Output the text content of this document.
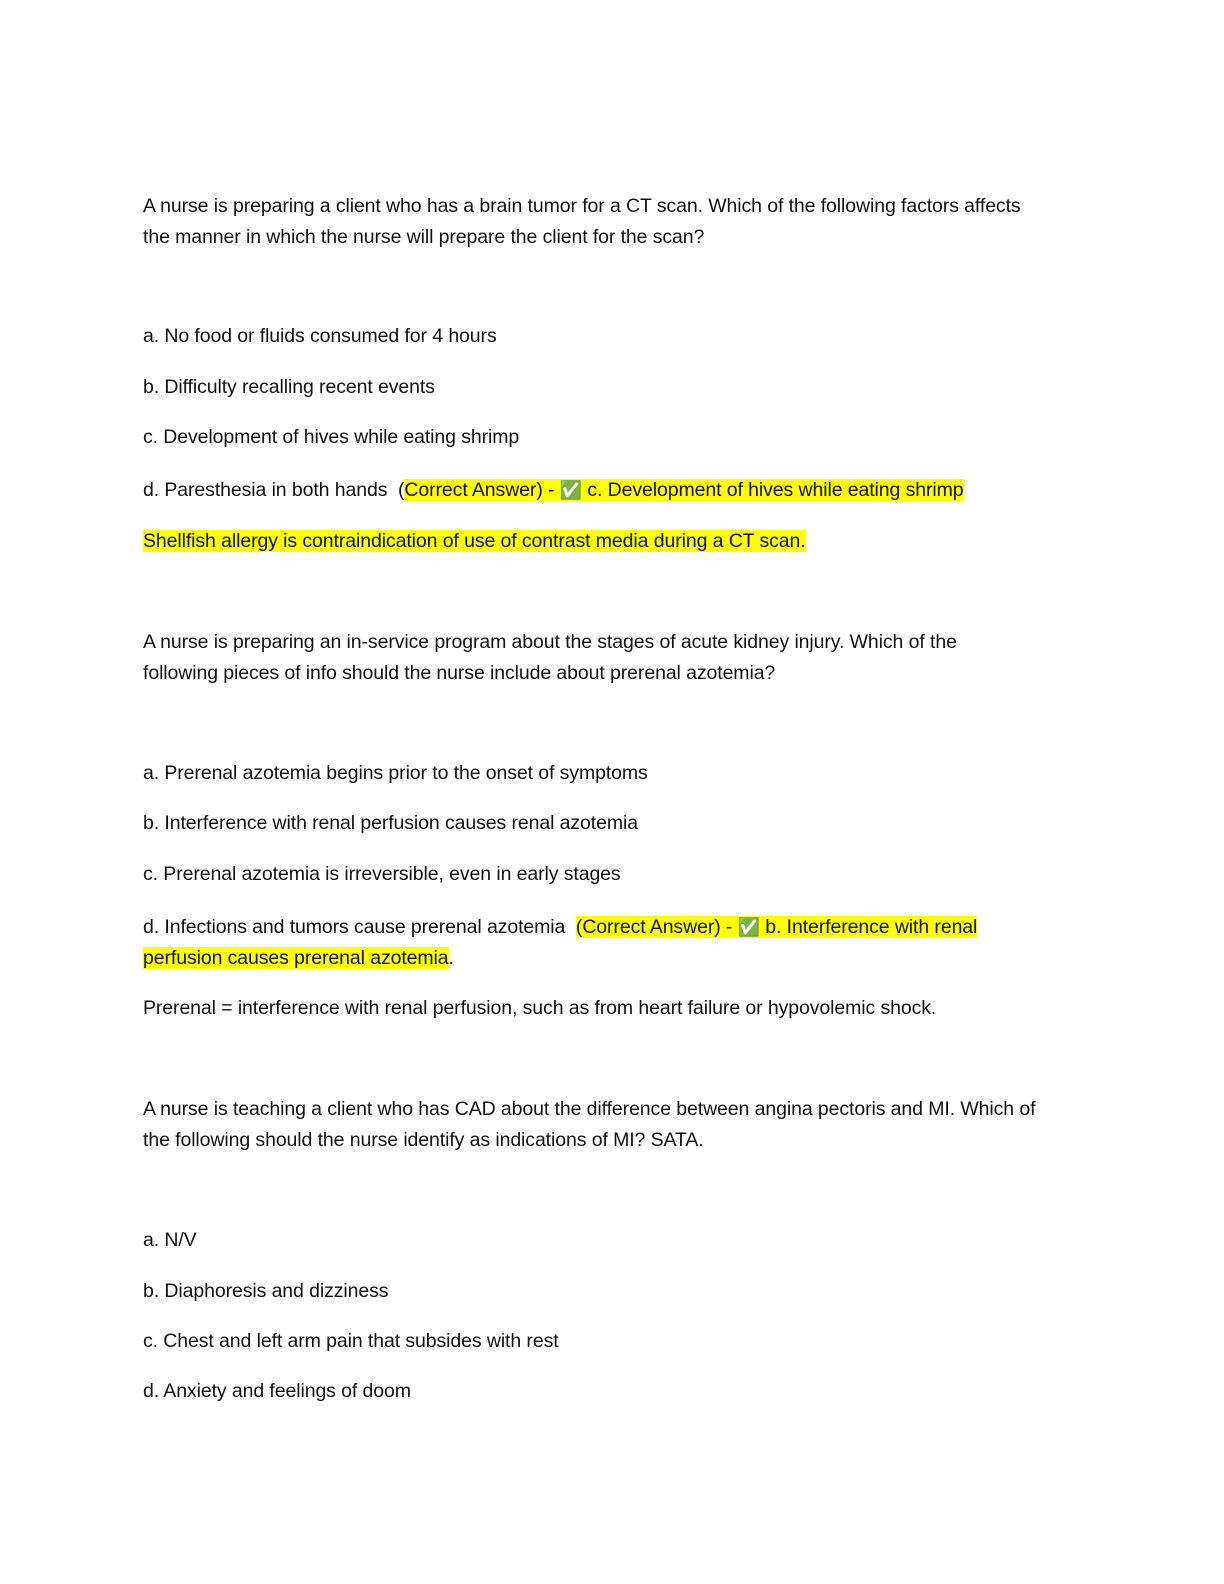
A nurse is preparing a client who has a brain tumor for a CT scan. Which of the following factors affects
the manner in which the nurse will prepare the client for the scan?
a. No food or fluids consumed for 4 hours
b. Difficulty recalling recent events
c. Development of hives while eating shrimp
d. Paresthesia in both hands (Correct Answer) - ✅ c. Development of hives while eating shrimp
Shellfish allergy is contraindication of use of contrast media during a CT scan.
A nurse is preparing an in-service program about the stages of acute kidney injury. Which of the
following pieces of info should the nurse include about prerenal azotemia?
a. Prerenal azotemia begins prior to the onset of symptoms
b. Interference with renal perfusion causes renal azotemia
c. Prerenal azotemia is irreversible, even in early stages
d. Infections and tumors cause prerenal azotemia (Correct Answer) - ✅ b. Interference with renal
perfusion causes prerenal azotemia.
Prerenal = interference with renal perfusion, such as from heart failure or hypovolemic shock.
A nurse is teaching a client who has CAD about the difference between angina pectoris and MI. Which of
the following should the nurse identify as indications of MI? SATA.
a. N/V
b. Diaphoresis and dizziness
c. Chest and left arm pain that subsides with rest
d. Anxiety and feelings of doom
